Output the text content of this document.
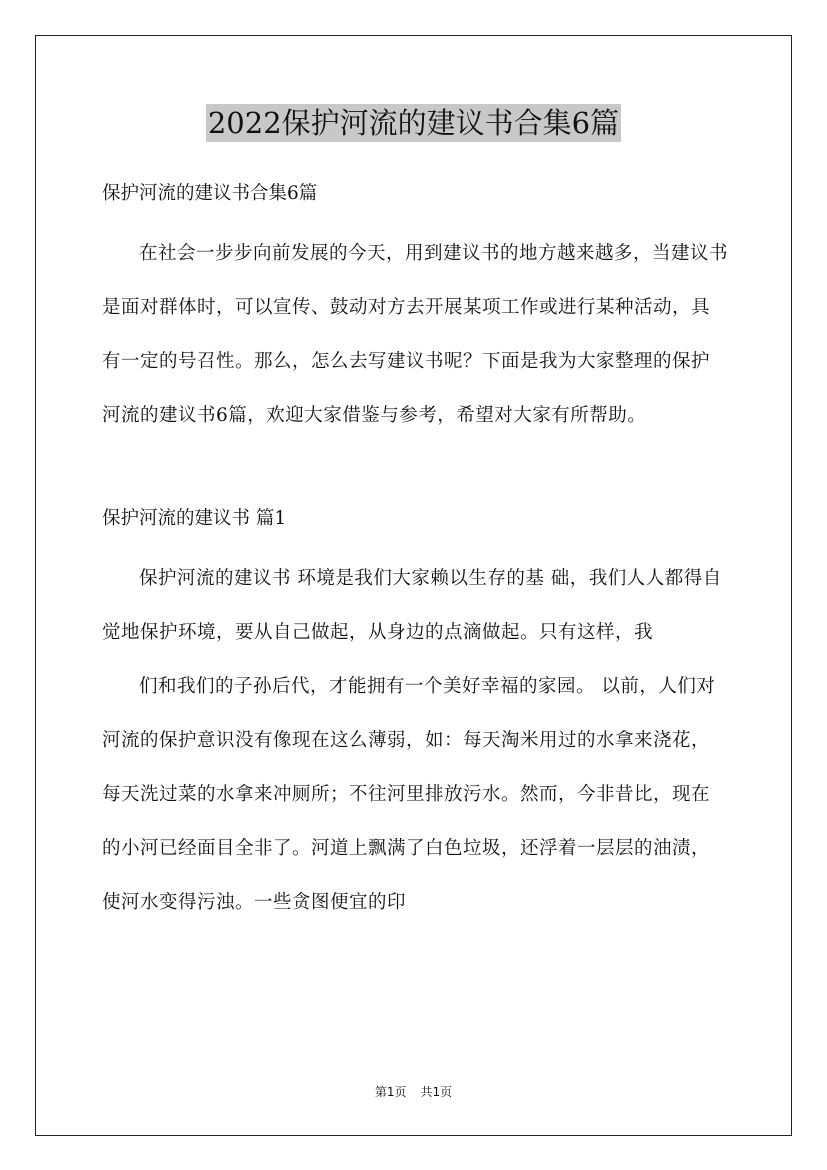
2022保护河流的建议书合集6篇

保护河流的建议书合集6篇

在社会一步步向前发展的今天，用到建议书的地方越来越多，当建议书是面对群体时，可以宣传、鼓动对方去开展某项工作或进行某种活动，具有一定的号召性。那么，怎么去写建议书呢？下面是我为大家整理的保护河流的建议书6篇，欢迎大家借鉴与参考，希望对大家有所帮助。

保护河流的建议书 篇1

保护河流的建议书 环境是我们大家赖以生存的基 础，我们人人都得自觉地保护环境，要从自己做起，从身边的点滴做起。只有这样，我

们和我们的子孙后代，才能拥有一个美好幸福的家园。 以前，人们对河流的保护意识没有像现在这么薄弱，如：每天淘米用过的水拿来浇花，每天洗过菜的水拿来冲厕所；不往河里排放污水。然而，今非昔比，现在的小河已经面目全非了。河道上飘满了白色垃圾，还浮着一层层的油渍，使河水变得污浊。一些贪图便宜的印

第1页 共1页
